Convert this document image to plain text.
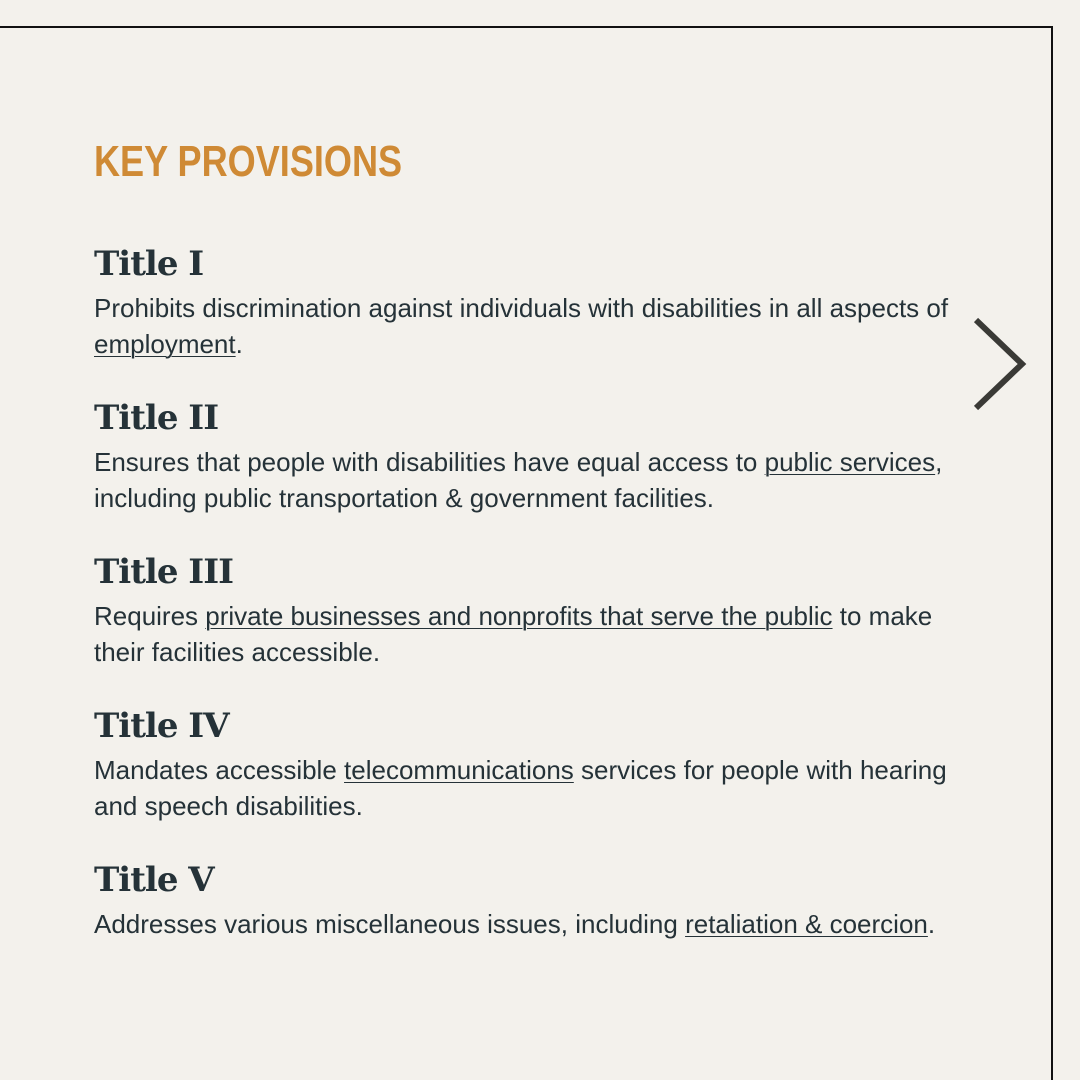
KEY PROVISIONS
Title I

Prohibits discrimination against individuals with disabilities in all aspects of employment.

Title II

Ensures that people with disabilities have equal access to public services, including public transportation & government facilities.

Title III

Requires private businesses and nonprofits that serve the public to make their facilities accessible.

Title IV

Mandates accessible telecommunications services for people with hearing and speech disabilities.

Title V

Addresses various miscellaneous issues, including retaliation & coercion.
